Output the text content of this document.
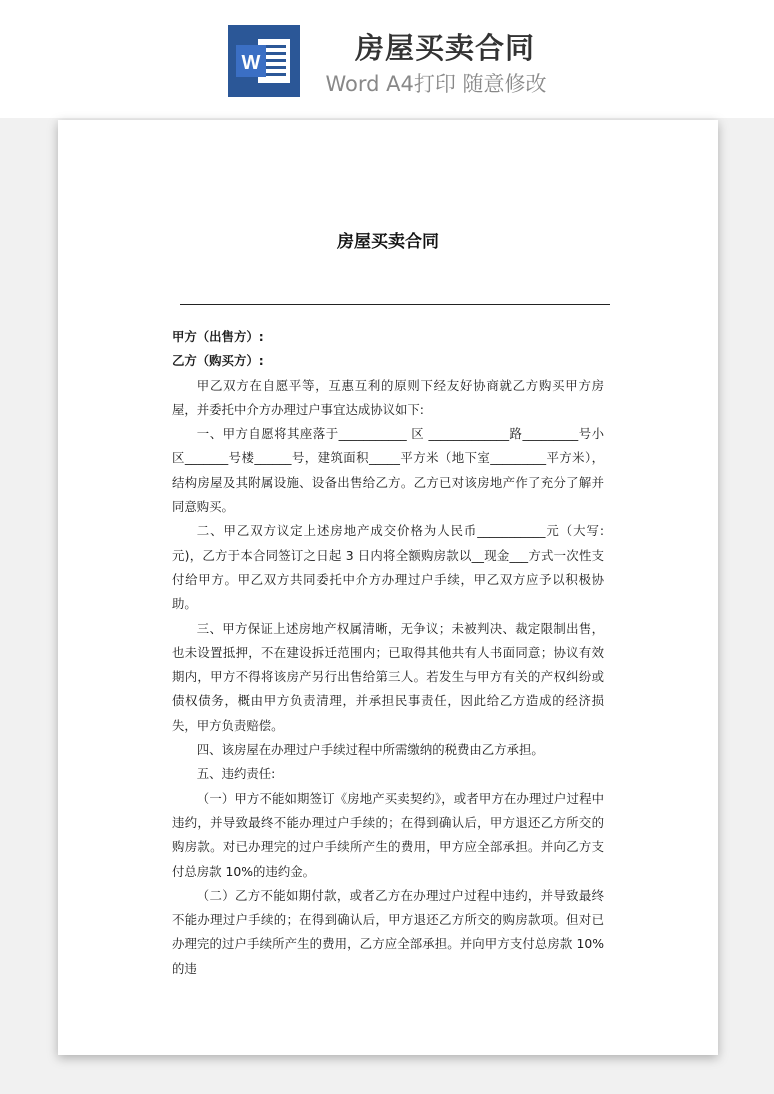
W	房屋买卖合同
Word A4打印 随意修改
房屋买卖合同

甲方（出售方）:

乙方（购买方）:

甲乙双方在自愿平等，互惠互利的原则下经友好协商就乙方购买甲方房屋，并委托中介方办理过户事宜达成协议如下:

一、甲方自愿将其座落于___________ 区 _____________路_________号小区_______号楼______号，建筑面积_____平方米（地下室_________平方米），结构房屋及其附属设施、设备出售给乙方。乙方已对该房地产作了充分了解并同意购买。

二、甲乙双方议定上述房地产成交价格为人民币___________元（大写:元)，乙方于本合同签订之日起 3 日内将全额购房款以__现金___方式一次性支付给甲方。甲乙双方共同委托中介方办理过户手续，甲乙双方应予以积极协助。

三、甲方保证上述房地产权属清晰，无争议；未被判决、裁定限制出售，也未设置抵押，不在建设拆迁范围内；已取得其他共有人书面同意；协议有效期内，甲方不得将该房产另行出售给第三人。若发生与甲方有关的产权纠纷或债权债务，概由甲方负责清理，并承担民事责任，因此给乙方造成的经济损失，甲方负责赔偿。

四、该房屋在办理过户手续过程中所需缴纳的税费由乙方承担。

五、违约责任:

（一）甲方不能如期签订《房地产买卖契约》，或者甲方在办理过户过程中违约，并导致最终不能办理过户手续的；在得到确认后，甲方退还乙方所交的购房款。对已办理完的过户手续所产生的费用，甲方应全部承担。并向乙方支付总房款 10%的违约金。

（二）乙方不能如期付款，或者乙方在办理过户过程中违约，并导致最终不能办理过户手续的；在得到确认后，甲方退还乙方所交的购房款项。但对已办理完的过户手续所产生的费用，乙方应全部承担。并向甲方支付总房款 10%的违
